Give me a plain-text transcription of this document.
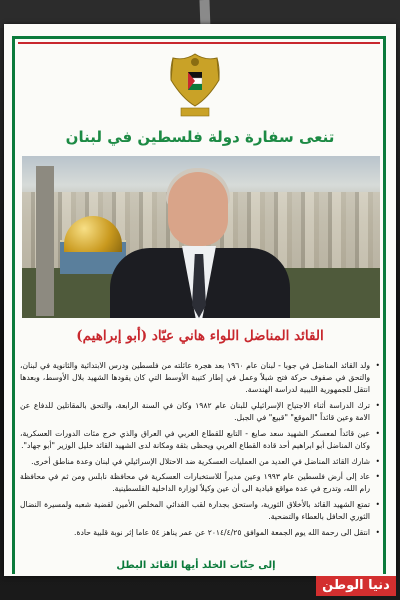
تنعى سفارة دولة فلسطين في لبنان
القائد المناضل اللواء هاني عيّاد (أبو إبراهيم)

• ولد القائد المناضل في جوبا - لبنان عام ١٩٦٠ بعد هجرة عائلته من فلسطين ودرس الابتدائية والثانوية في لبنان، والتحق في صفوف حركة فتح شبلاً وعمل في إطار كتيبة الأوسط التي كان يقودها الشهيد بلال الأوسط، وبعدها انتقل للجمهورية الليبية لدراسة الهندسة.

• ترك الدراسة أثناء الاجتياح الإسرائيلي للبنان عام ١٩٨٢ وكان في السنة الرابعة، والتحق بالمقاتلين للدفاع عن الامة وعين قائداً "الموقع" "قبيع" في الجبل.

• عين قائداً لمعسكر الشهيد سعد صايغ - التابع للقطاع الغربي في العراق والذي خرج مئات الدورات العسكرية، وكان المناضل أبو ابراهيم أحد قادة القطاع الغربي ويحظى بثقة ومكانة لدى الشهيد القائد خليل الوزير "أبو جهاد".

• شارك القائد المناضل في العديد من العمليات العسكرية ضد الاحتلال الإسرائيلي في لبنان وعدة مناطق أخرى.

• عاد إلى أرض فلسطين عام ١٩٩٣ وعين مديراً للاستخبارات العسكرية في محافظة نابلس ومن ثم في محافظة رام الله، وتدرج في عدة مواقع قيادية الى أن عين وكيلاً لوزارة الداخلية الفلسطينية.

• تمتع الشهيد القائد بالأخلاق الثورية، واستحق بجدارة لقب الفدائي المخلص الأمين لقضية شعبه ولمسيرة النضال الثوري الحافل بالعطاء والتضحية.

• انتقل الى رحمة الله يوم الجمعة الموافق ٢٠١٤/٤/٢٥ عن عمر يناهز ٥٤ عاما إثر نوبة قلبية حادة.

إلى جنّات الخلد أيها القائد البطل
دنيا الوطن
